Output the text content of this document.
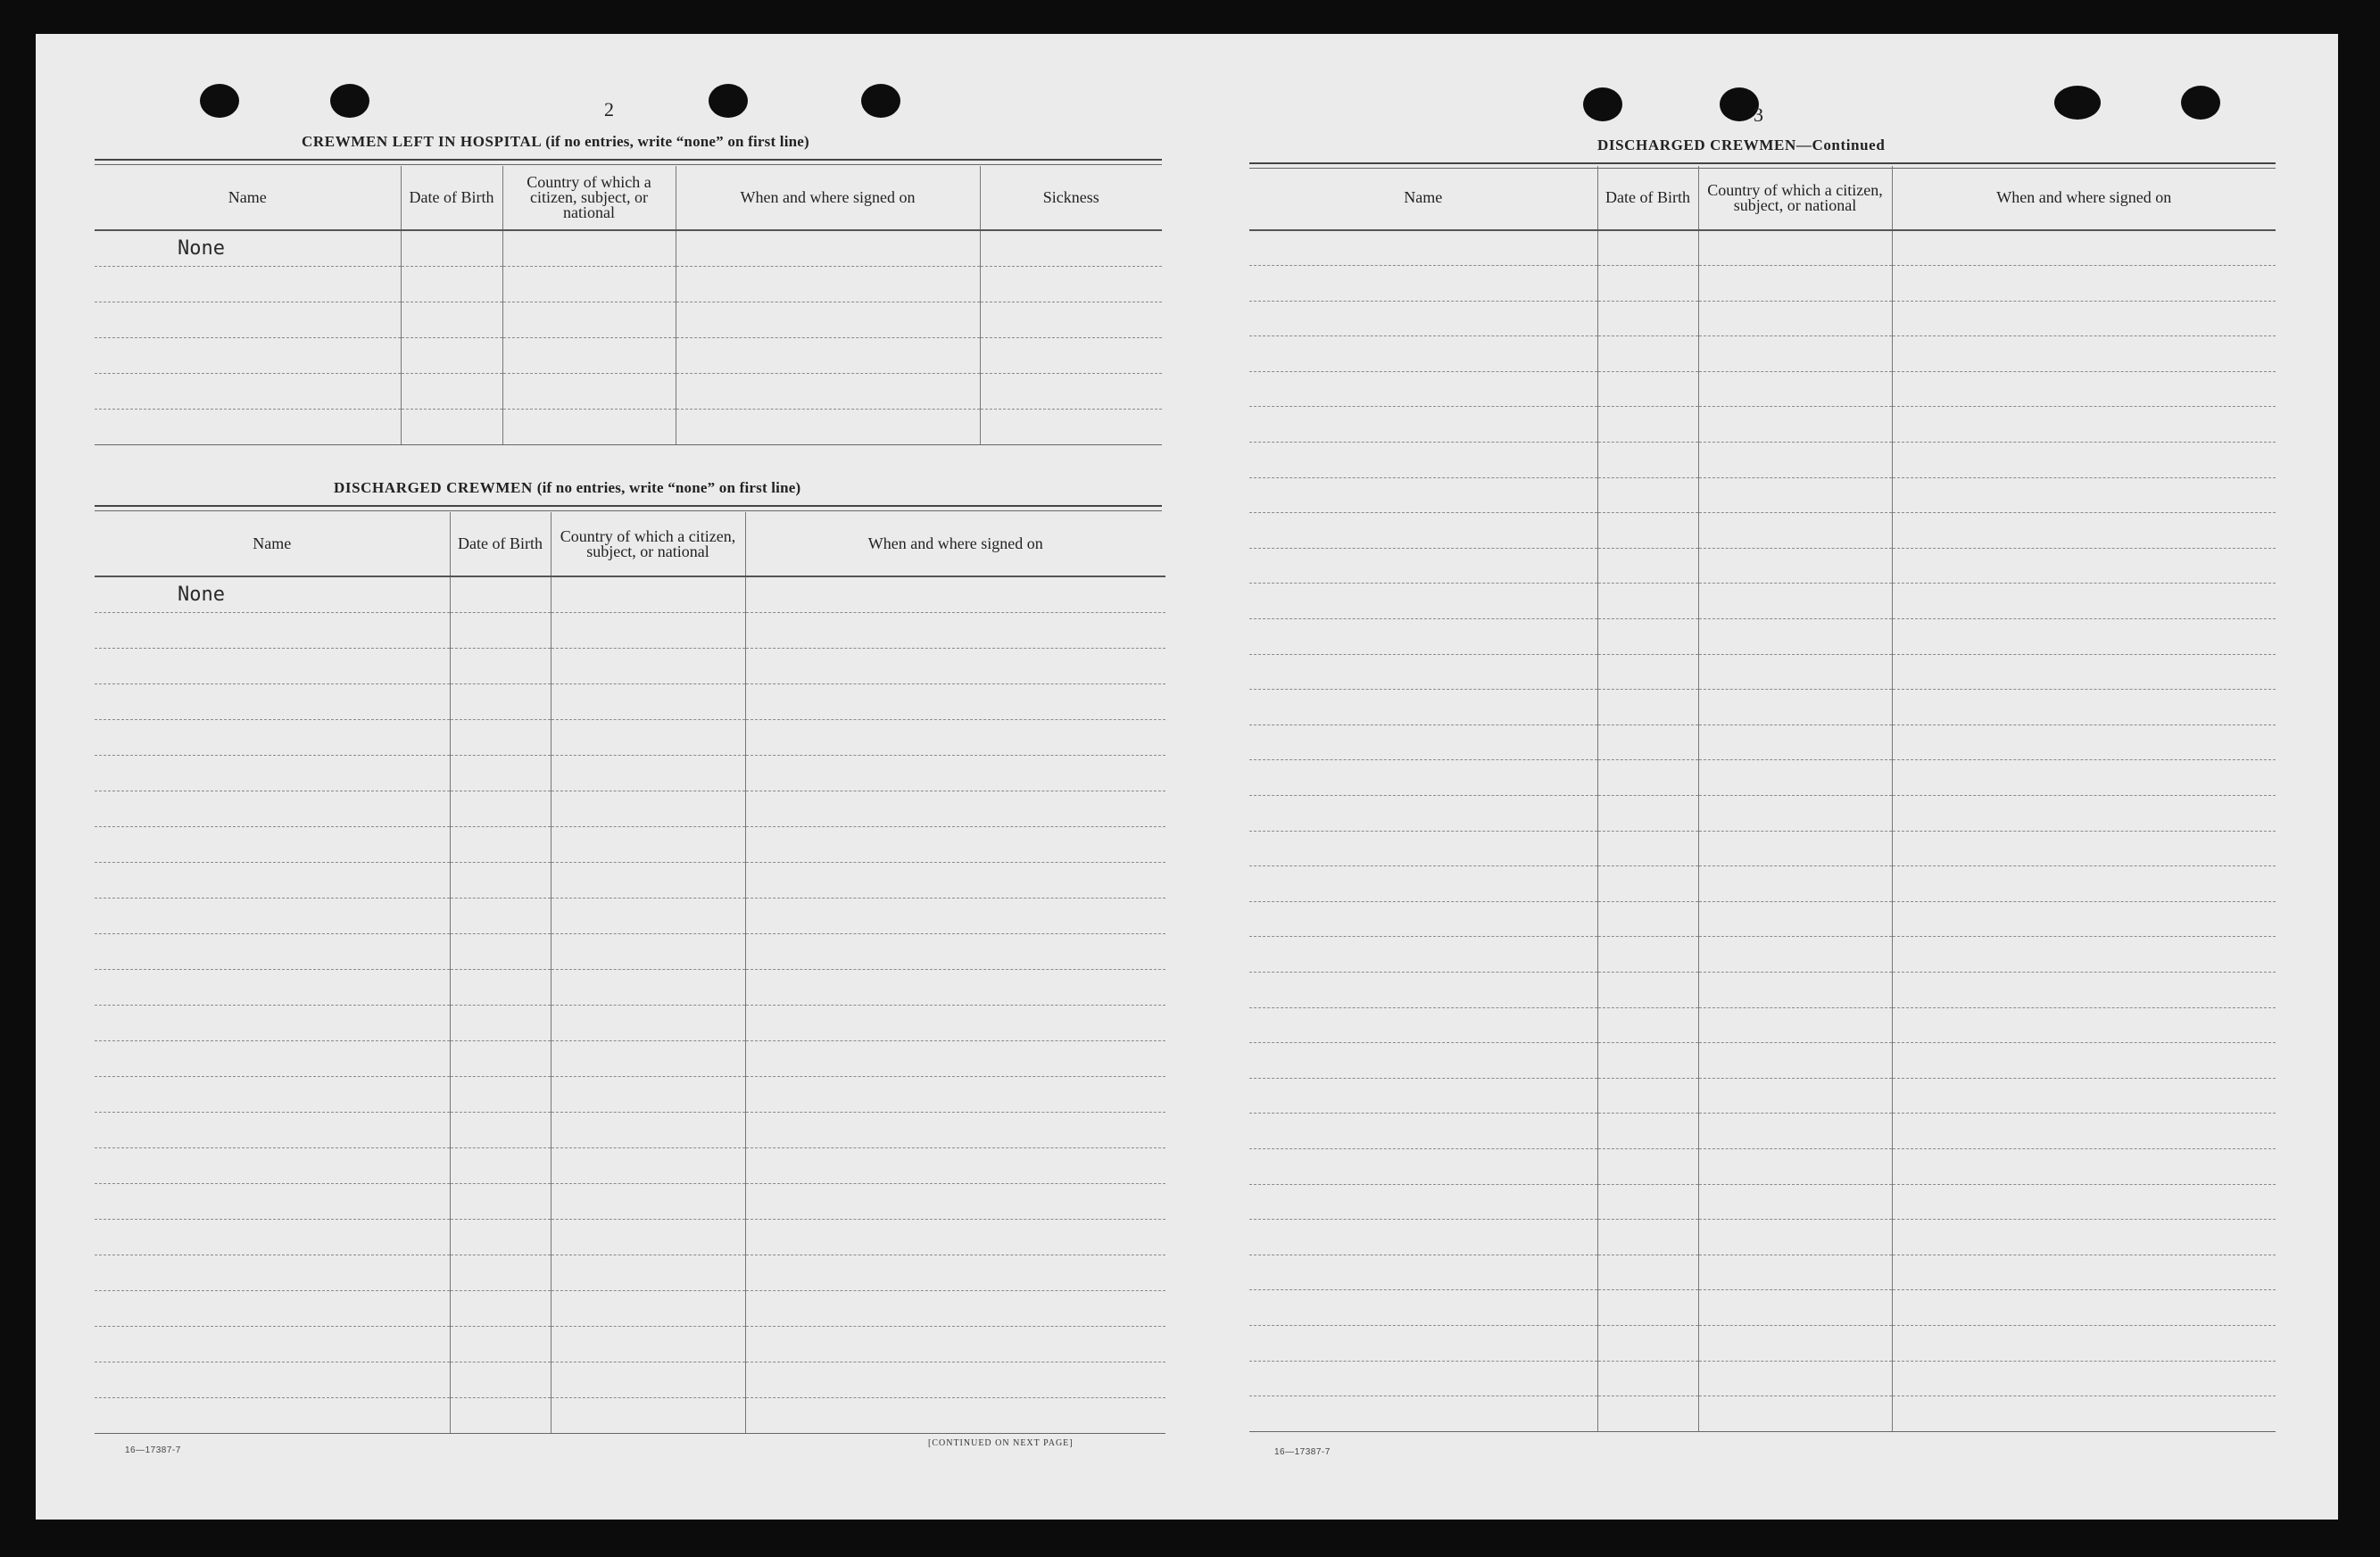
2
CREWMEN LEFT IN HOSPITAL (if no entries, write “none” on first line)
Name	Date of Birth	Country of which a citizen, subject, or national	When and where signed on	Sickness
None				

DISCHARGED CREWMEN (if no entries, write “none” on first line)
Name	Date of Birth	Country of which a citizen, subject, or national	When and where signed on
None			

16—17387-7
[CONTINUED ON NEXT PAGE]
3
DISCHARGED CREWMEN—Continued
Name	Date of Birth	Country of which a citizen, subject, or national	When and where signed on

16—17387-7
